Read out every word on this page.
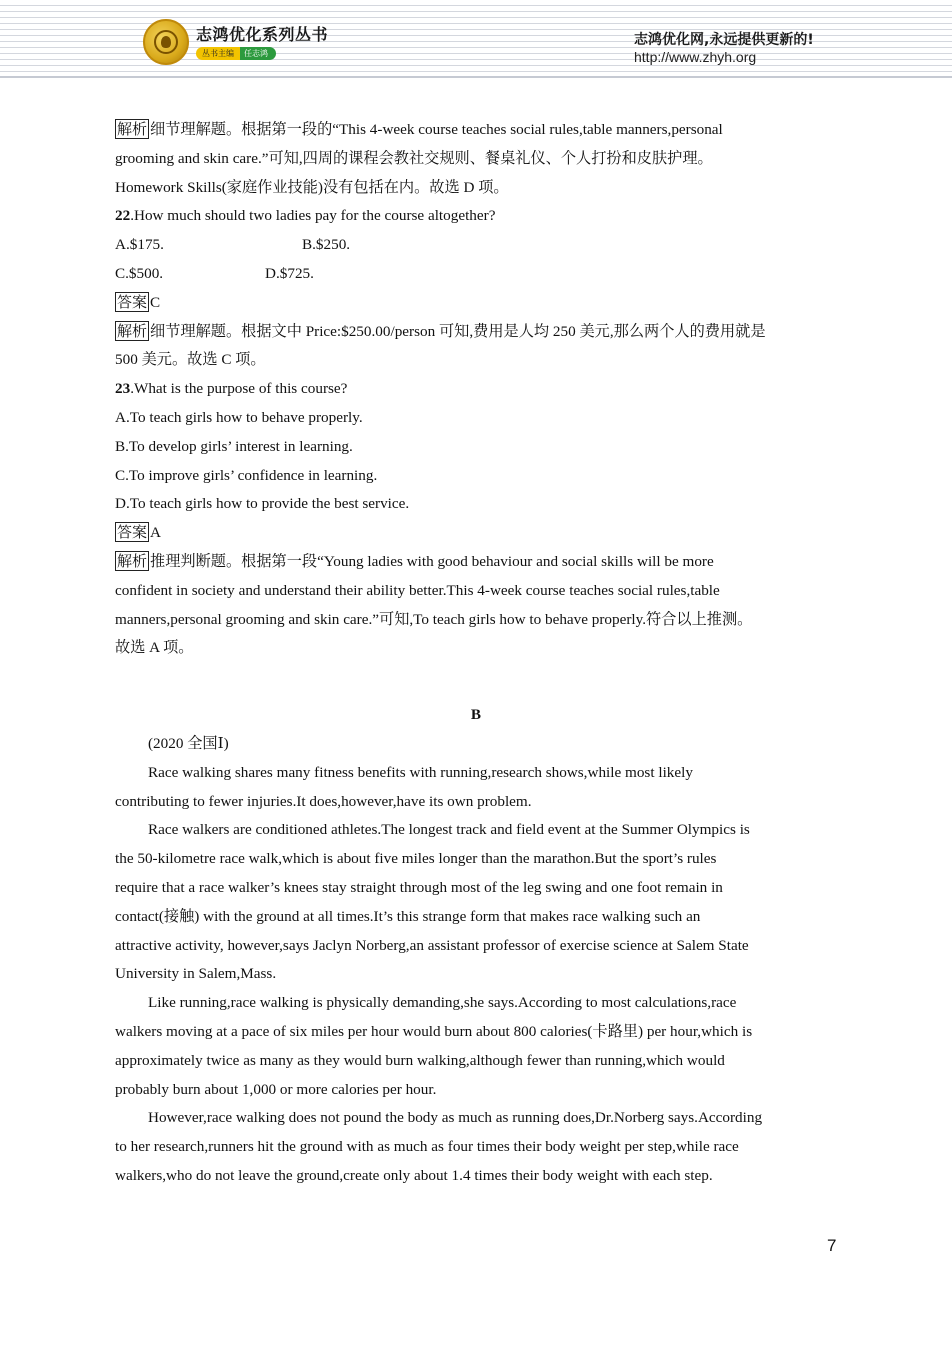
志鸿优化系列丛书
丛书主编	任志鸿
志鸿优化网,永远提供更新的!
http://www.zhyh.org

解析 细节理解题。根据第一段的“This 4-week course teaches social rules,table manners,personal

grooming and skin care.”可知,四周的课程会教社交规则、餐桌礼仪、个人打扮和皮肤护理。

Homework Skills(家庭作业技能)没有包括在内。故选 D 项。

22.How much should two ladies pay for the course altogether?

A.$175.	B.$250.
C.$500.	D.$725.

答案 C

解析 细节理解题。根据文中 Price:$250.00/person 可知,费用是人均 250 美元,那么两个人的费用就是

500 美元。故选 C 项。

23.What is the purpose of this course?

A.To teach girls how to behave properly.

B.To develop girls’ interest in learning.

C.To improve girls’ confidence in learning.

D.To teach girls how to provide the best service.

答案 A

解析 推理判断题。根据第一段“Young ladies with good behaviour and social skills will be more

confident in society and understand their ability better.This 4-week course teaches social rules,table

manners,personal grooming and skin care.”可知,To teach girls how to behave properly.符合以上推测。

故选 A 项。

B

(2020 全国Ⅰ)

Race walking shares many fitness benefits with running,research shows,while most likely

contributing to fewer injuries.It does,however,have its own problem.

Race walkers are conditioned athletes.The longest track and field event at the Summer Olympics is

the 50-kilometre race walk,which is about five miles longer than the marathon.But the sport’s rules

require that a race walker’s knees stay straight through most of the leg swing and one foot remain in

contact(接触) with the ground at all times.It’s this strange form that makes race walking such an

attractive activity, however,says Jaclyn Norberg,an assistant professor of exercise science at Salem State

University in Salem,Mass.

Like running,race walking is physically demanding,she says.According to most calculations,race

walkers moving at a pace of six miles per hour would burn about 800 calories(卡路里) per hour,which is

approximately twice as many as they would burn walking,although fewer than running,which would

probably burn about 1,000 or more calories per hour.

However,race walking does not pound the body as much as running does,Dr.Norberg says.According

to her research,runners hit the ground with as much as four times their body weight per step,while race

walkers,who do not leave the ground,create only about 1.4 times their body weight with each step.

7
